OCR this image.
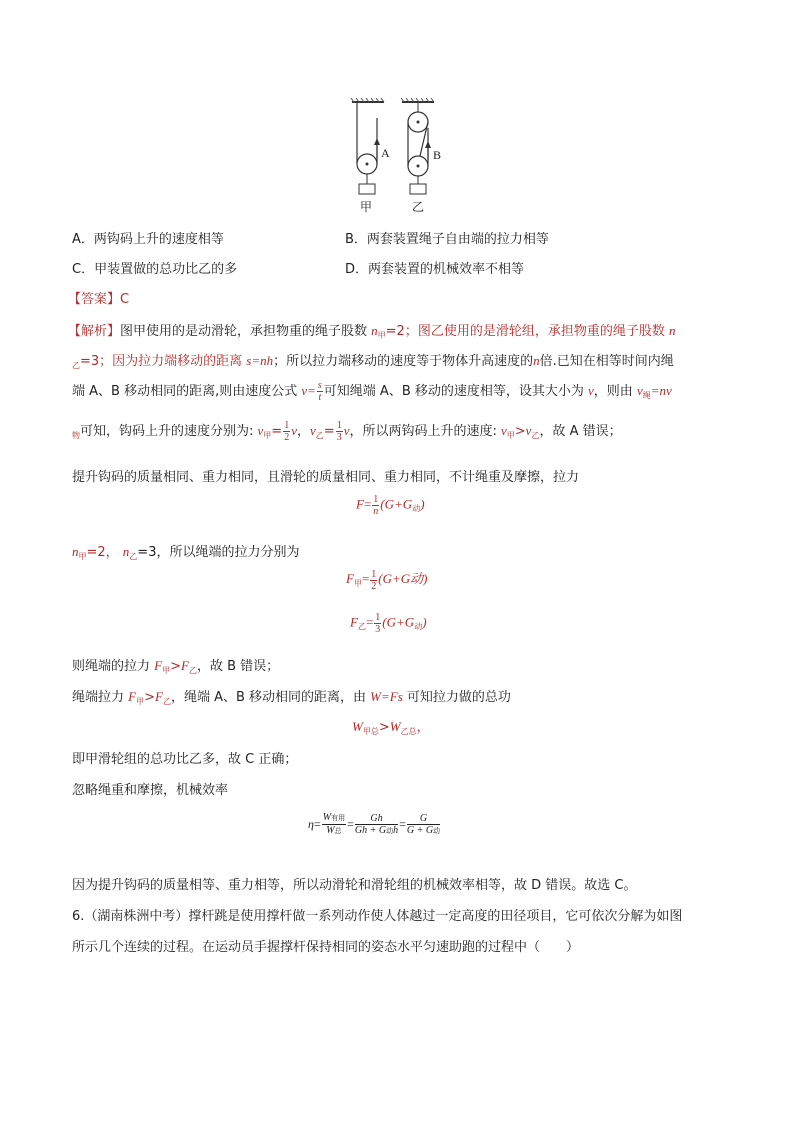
A	B
甲	乙
A．两钩码上升的速度相等	B．两套装置绳子自由端的拉力相等
C．甲装置做的总功比乙的多	D．两套装置的机械效率不相等
【答案】C
【解析】图甲使用的是动滑轮，承担物重的绳子股数 $n_甲=2$；图乙使用的是滑轮组，承担物重的绳子股数 n
$_乙$=3；因为拉力端移动的距离 s=nh；所以拉力端移动的速度等于物体升高速度的n倍.已知在相等时间内绳
端 A、B 移动相同的距离,则由速度公式 $v= \frac{s}{t}$ 可知绳端 A、B 移动的速度相等，设其大小为 v，则由 $v_绳=nv$
$_物$可知，钩码上升的速度分别为: $v_甲= \frac{1}{2}$ v，$v_乙= \frac{1}{3}$ v，所以两钩码上升的速度: $v_甲>v_乙$，故 A 错误；
提升钩码的质量相同、重力相同，且滑轮的质量相同、重力相同，不计绳重及摩擦，拉力
$F= \frac{1}{n} (G+G_动)$
$n_甲=2$， $n_乙=3$，所以绳端的拉力分别为
$F_甲= \frac{1}{2} (G+G$动)
$F_乙= \frac{1}{3} (G+G_动)$
则绳端的拉力 $F_甲>F_乙$，故 B 错误；
绳端拉力 $F_甲>F_乙$，绳端 A、B 移动相同的距离，由 W=Fs 可知拉力做的总功
$W_{甲总}>W_{乙总}$，
即甲滑轮组的总功比乙多，故 C 正确；
忽略绳重和摩擦，机械效率
$\eta= \frac{\text{W有用}}{\text{W总}} = \frac{Gh}{\text{Gh + G动h}} = \frac{G}{\text{G + G动}}$
因为提升钩码的质量相等、重力相等，所以动滑轮和滑轮组的机械效率相等，故 D 错误。故选 C。
6.（湖南株洲中考）撑杆跳是使用撑杆做一系列动作使人体越过一定高度的田径项目，它可依次分解为如图
所示几个连续的过程。在运动员手握撑杆保持相同的姿态水平匀速助跑的过程中（　　）
